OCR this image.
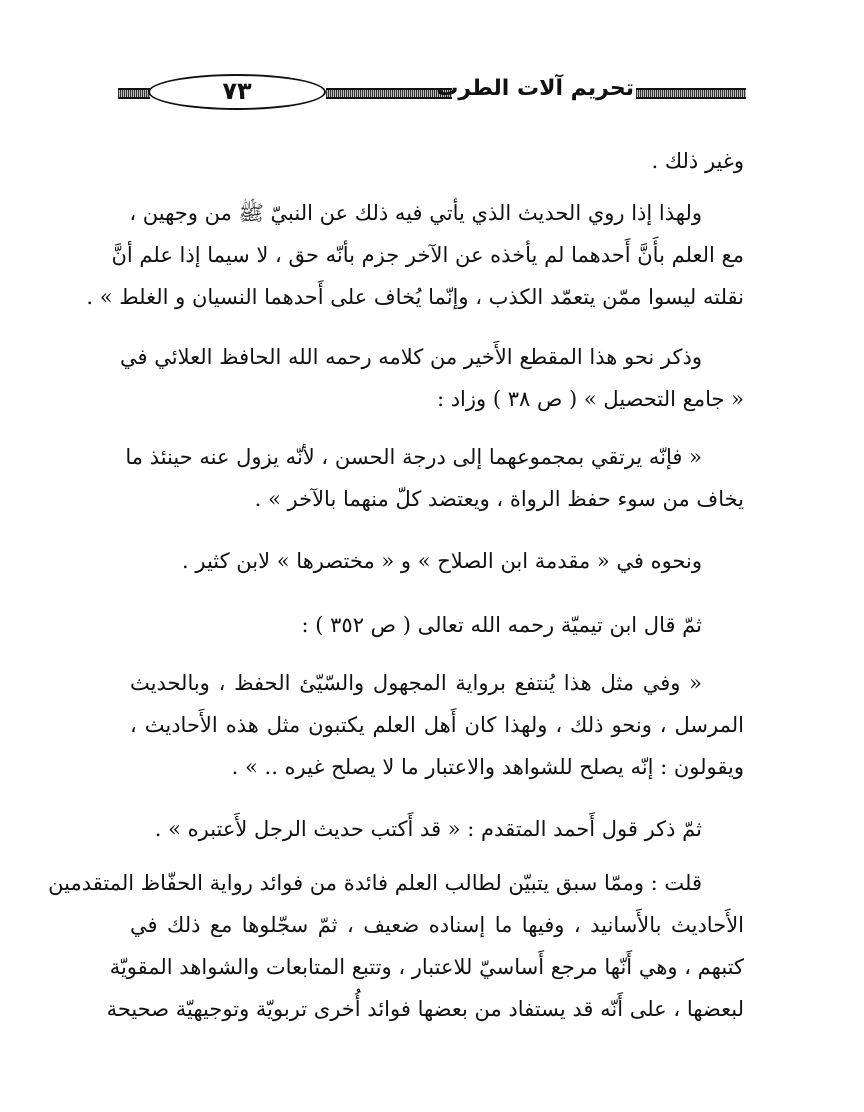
٧٣	تحريم آلات الطرب

وغير ذلك .

ولهذا إذا روي الحديث الذي يأتي فيه ذلك عن النبيّ ﷺ من وجهين ،
مع العلم بأَنَّ أَحدهما لم يأخذه عن الآخر جزم بأنّه حق ، لا سيما إذا علم أنَّ
نقلته ليسوا ممّن يتعمّد الكذب ، وإنّما يُخاف على أَحدهما النسيان و الغلط » .

وذكر نحو هذا المقطع الأَخير من كلامه رحمه الله الحافظ العلائي في
« جامع التحصيل » ( ص ٣٨ ) وزاد :

« فإنّه يرتقي بمجموعهما إلى درجة الحسن ، لأنّه يزول عنه حينئذ ما
يخاف من سوء حفظ الرواة ، ويعتضد كلّ منهما بالآخر » .

ونحوه في « مقدمة ابن الصلاح » و « مختصرها » لابن كثير .

ثمّ قال ابن تيميّة رحمه الله تعالى ( ص ٣٥٢ ) :

« وفي مثل هذا يُنتفع برواية المجهول والسّيّئ الحفظ ، وبالحديث
المرسل ، ونحو ذلك ، ولهذا كان أَهل العلم يكتبون مثل هذه الأَحاديث ،
ويقولون : إنّه يصلح للشواهد والاعتبار ما لا يصلح غيره .. » .

ثمّ ذكر قول أَحمد المتقدم : « قد أَكتب حديث الرجل لأَعتبره » .

قلت : وممّا سبق يتبيّن لطالب العلم فائدة من فوائد رواية الحفّاظ المتقدمين
الأَحاديث بالأَسانيد ، وفيها ما إسناده ضعيف ، ثمّ سجّلوها مع ذلك في
كتبهم ، وهي أَنّها مرجع أَساسيّ للاعتبار ، وتتبع المتابعات والشواهد المقويّة
لبعضها ، على أَنّه قد يستفاد من بعضها فوائد أُخرى تربويّة وتوجيهيّة صحيحة
